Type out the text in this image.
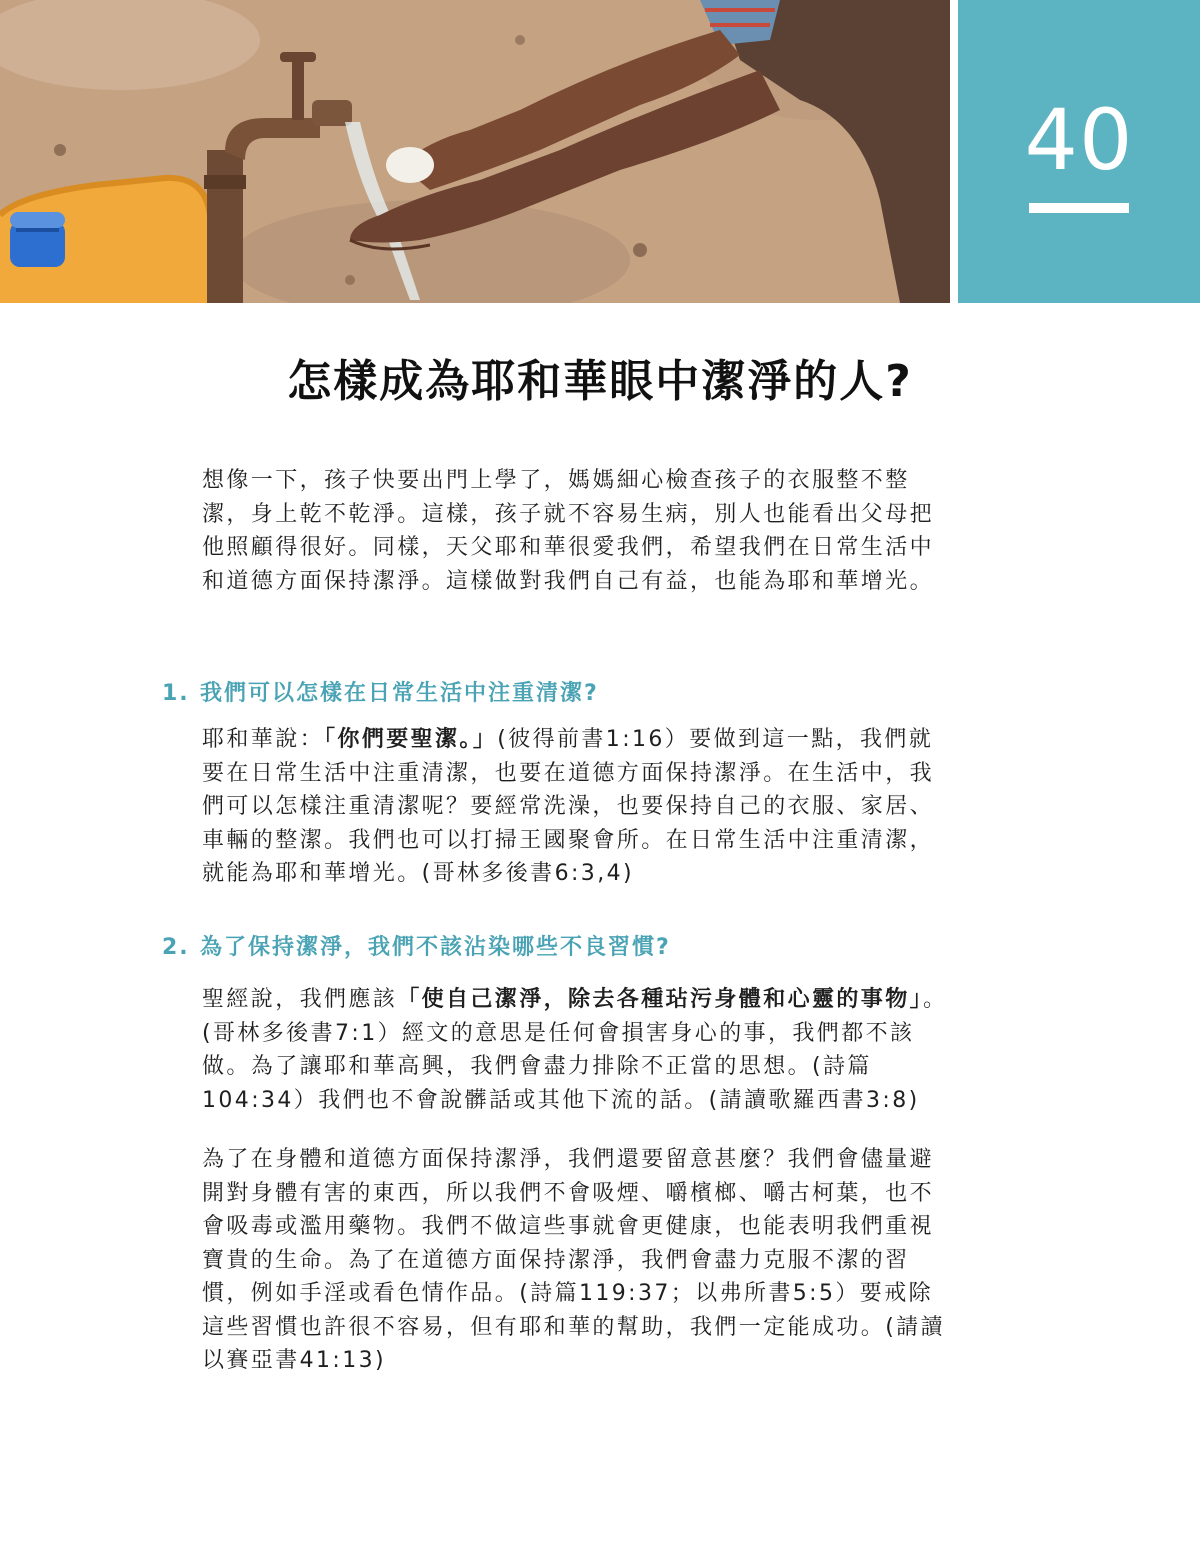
40
怎樣成為耶和華眼中潔淨的人?

想像一下，孩子快要出門上學了，媽媽細心檢查孩子的衣服整不整潔，身上乾不乾淨。這樣，孩子就不容易生病，別人也能看出父母把他照顧得很好。同樣，天父耶和華很愛我們，希望我們在日常生活中和道德方面保持潔淨。這樣做對我們自己有益，也能為耶和華增光。

1. 我們可以怎樣在日常生活中注重清潔?

耶和華說：「你們要聖潔。」(彼得前書1:16）要做到這一點，我們就要在日常生活中注重清潔，也要在道德方面保持潔淨。在生活中，我們可以怎樣注重清潔呢？要經常洗澡，也要保持自己的衣服、家居、車輛的整潔。我們也可以打掃王國聚會所。在日常生活中注重清潔，就能為耶和華增光。(哥林多後書6:3,4)

2. 為了保持潔淨，我們不該沾染哪些不良習慣?

聖經說，我們應該「使自己潔淨，除去各種玷污身體和心靈的事物」。(哥林多後書7:1）經文的意思是任何會損害身心的事，我們都不該做。為了讓耶和華高興，我們會盡力排除不正當的思想。(詩篇104:34）我們也不會說髒話或其他下流的話。(請讀歌羅西書3:8)

為了在身體和道德方面保持潔淨，我們還要留意甚麼？我們會儘量避開對身體有害的東西，所以我們不會吸煙、嚼檳榔、嚼古柯葉，也不會吸毒或濫用藥物。我們不做這些事就會更健康，也能表明我們重視寶貴的生命。為了在道德方面保持潔淨，我們會盡力克服不潔的習慣，例如手淫或看色情作品。(詩篇119:37；以弗所書5:5）要戒除這些習慣也許很不容易，但有耶和華的幫助，我們一定能成功。(請讀以賽亞書41:13)
